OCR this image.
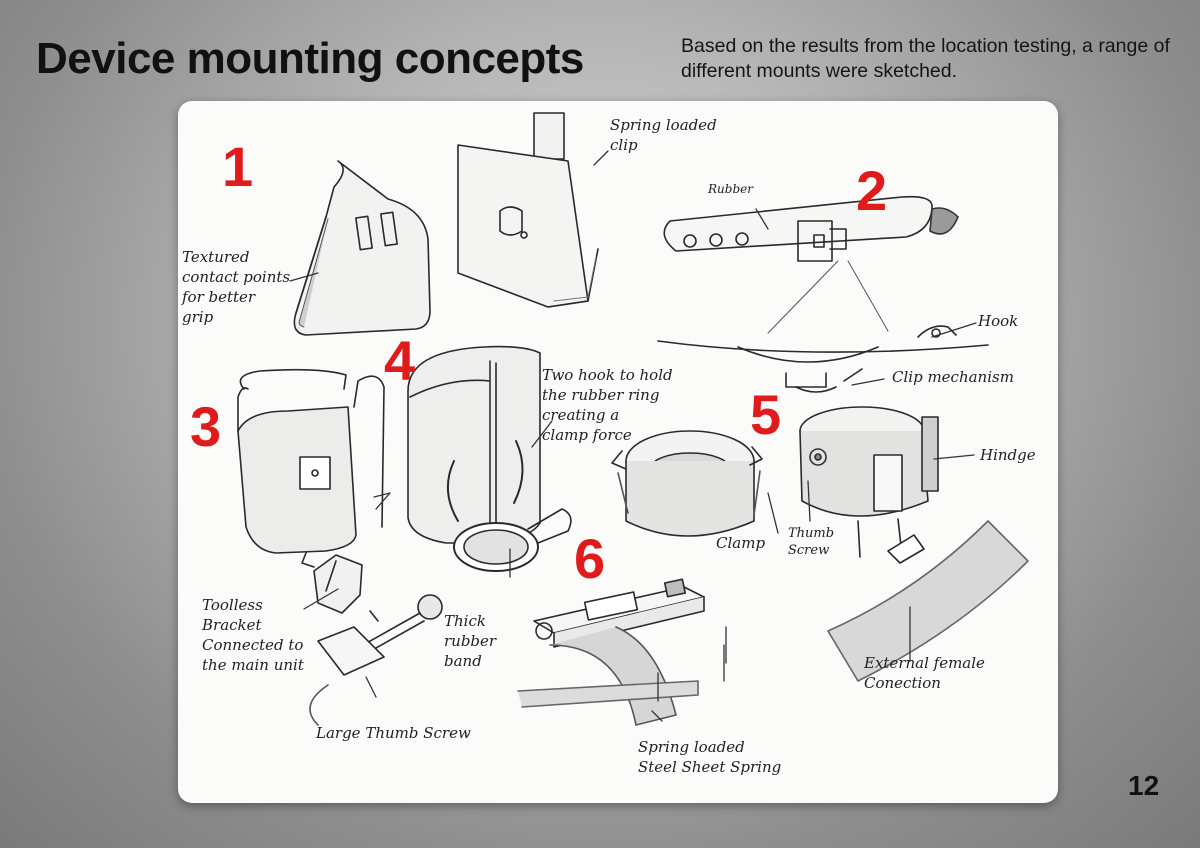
Device mounting concepts	Based on the results from the location testing, a range of different mounts were sketched.
1	2
3
4
5
6
Spring loaded
clip
Textured
contact points
for better
grip
Rubber
Hook
Clip mechanism
Two hook to hold
the rubber ring
creating a
clamp force
Hindge
Clamp
Thumb
Screw
Toolless
Bracket
Connected to
the main unit
Thick
rubber
band
Large Thumb Screw
External female
Conection
Spring loaded
Steel Sheet Spring
12
